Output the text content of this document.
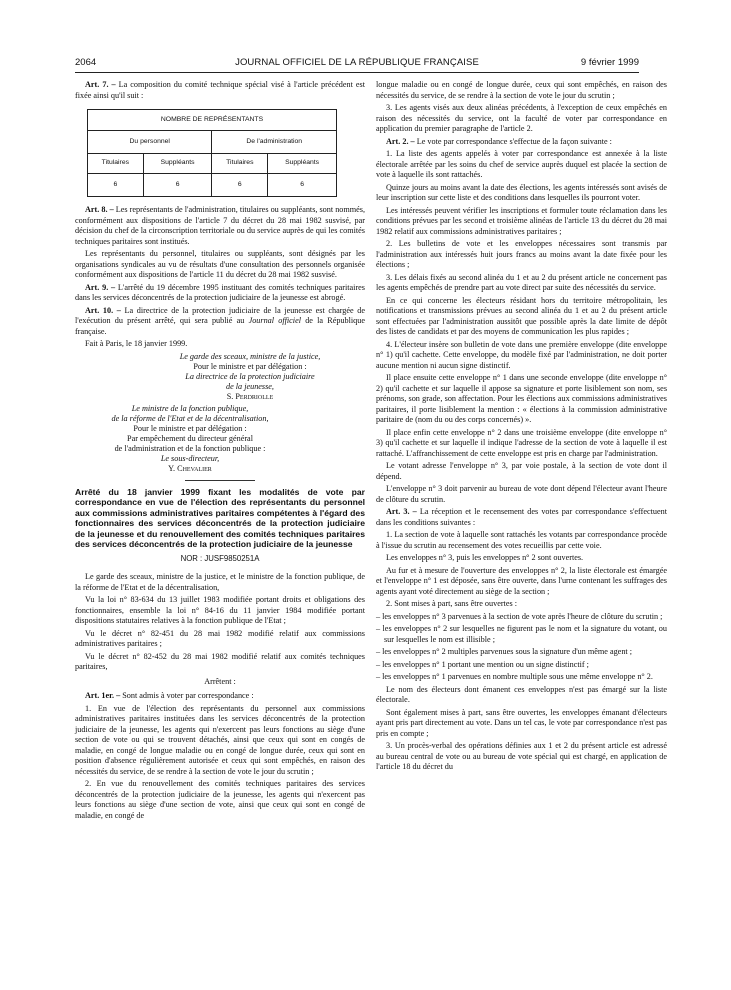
2064	JOURNAL OFFICIEL DE LA RÉPUBLIQUE FRANÇAISE	9 février 1999

Art. 7. – La composition du comité technique spécial visé à l'article précédent est fixée ainsi qu'il suit :

NOMBRE DE REPRÉSENTANTS			
Du personnel		De l'administration	
Titulaires	Suppléants	Titulaires	Suppléants
6	6	6	6

Art. 8. – Les représentants de l'administration, titulaires ou suppléants, sont nommés, conformément aux dispositions de l'article 7 du décret du 28 mai 1982 susvisé, par décision du chef de la circonscription territoriale ou du service auprès de qui les comités techniques paritaires sont institués.

Les représentants du personnel, titulaires ou suppléants, sont désignés par les organisations syndicales au vu de résultats d'une consultation des personnels organisée conformément aux dispositions de l'article 11 du décret du 28 mai 1982 susvisé.

Art. 9. – L'arrêté du 19 décembre 1995 instituant des comités techniques paritaires dans les services déconcentrés de la protection judiciaire de la jeunesse est abrogé.

Art. 10. – La directrice de la protection judiciaire de la jeunesse est chargée de l'exécution du présent arrêté, qui sera publié au Journal officiel de la République française.

Fait à Paris, le 18 janvier 1999.

Le garde des sceaux, ministre de la justice,
Pour le ministre et par délégation :
La directrice de la protection judiciaire
de la jeunesse,
S. Perdriolle
Le ministre de la fonction publique,
de la réforme de l'Etat et de la décentralisation,
Pour le ministre et par délégation :
Par empêchement du directeur général
de l'administration et de la fonction publique :
Le sous-directeur,
Y. Chevalier
Arrêté du 18 janvier 1999 fixant les modalités de vote par correspondance en vue de l'élection des représentants du personnel aux commissions administratives paritaires compétentes à l'égard des fonctionnaires des services déconcentrés de la protection judiciaire de la jeunesse et du renouvellement des comités techniques paritaires des services déconcentrés de la protection judiciaire de la jeunesse
NOR : JUSF9850251A

Le garde des sceaux, ministre de la justice, et le ministre de la fonction publique, de la réforme de l'Etat et de la décentralisation,

Vu la loi n° 83-634 du 13 juillet 1983 modifiée portant droits et obligations des fonctionnaires, ensemble la loi n° 84-16 du 11 janvier 1984 modifiée portant dispositions statutaires relatives à la fonction publique de l'Etat ;

Vu le décret n° 82-451 du 28 mai 1982 modifié relatif aux commissions administratives paritaires ;

Vu le décret n° 82-452 du 28 mai 1982 modifié relatif aux comités techniques paritaires,

Arrêtent :

Art. 1er. – Sont admis à voter par correspondance :

1. En vue de l'élection des représentants du personnel aux commissions administratives paritaires instituées dans les services déconcentrés de la protection judiciaire de la jeunesse, les agents qui n'exercent pas leurs fonctions au siège d'une section de vote ou qui se trouvent détachés, ainsi que ceux qui sont en congés de maladie, en congé de longue maladie ou en congé de longue durée, ceux qui sont en position d'absence régulièrement autorisée et ceux qui sont empêchés, en raison des nécessités du service, de se rendre à la section de vote le jour du scrutin ;

2. En vue du renouvellement des comités techniques paritaires des services déconcentrés de la protection judiciaire de la jeunesse, les agents qui n'exercent pas leurs fonctions au siège d'une section de vote, ainsi que ceux qui sont en congé de maladie, en congé de

longue maladie ou en congé de longue durée, ceux qui sont empêchés, en raison des nécessités du service, de se rendre à la section de vote le jour du scrutin ;

3. Les agents visés aux deux alinéas précédents, à l'exception de ceux empêchés en raison des nécessités du service, ont la faculté de voter par correspondance en application du premier paragraphe de l'article 2.

Art. 2. – Le vote par correspondance s'effectue de la façon suivante :

1. La liste des agents appelés à voter par correspondance est annexée à la liste électorale arrêtée par les soins du chef de service auprès duquel est placée la section de vote à laquelle ils sont rattachés.

Quinze jours au moins avant la date des élections, les agents intéressés sont avisés de leur inscription sur cette liste et des conditions dans lesquelles ils pourront voter.

Les intéressés peuvent vérifier les inscriptions et formuler toute réclamation dans les conditions prévues par les second et troisième alinéas de l'article 13 du décret du 28 mai 1982 relatif aux commissions administratives paritaires ;

2. Les bulletins de vote et les enveloppes nécessaires sont transmis par l'administration aux intéressés huit jours francs au moins avant la date fixée pour les élections ;

3. Les délais fixés au second alinéa du 1 et au 2 du présent article ne concernent pas les agents empêchés de prendre part au vote direct par suite des nécessités du service.

En ce qui concerne les électeurs résidant hors du territoire métropolitain, les notifications et transmissions prévues au second alinéa du 1 et au 2 du présent article sont effectuées par l'administration aussitôt que possible après la date limite de dépôt des listes de candidats et par des moyens de communication les plus rapides ;

4. L'électeur insère son bulletin de vote dans une première enveloppe (dite enveloppe n° 1) qu'il cachette. Cette enveloppe, du modèle fixé par l'administration, ne doit porter aucune mention ni aucun signe distinctif.

Il place ensuite cette enveloppe n° 1 dans une seconde enveloppe (dite enveloppe n° 2) qu'il cachette et sur laquelle il appose sa signature et porte lisiblement son nom, ses prénoms, son grade, son affectation. Pour les élections aux commissions administratives paritaires, il porte lisiblement la mention : « élections à la commission administrative paritaire de (nom du ou des corps concernés) ».

Il place enfin cette enveloppe n° 2 dans une troisième enveloppe (dite enveloppe n° 3) qu'il cachette et sur laquelle il indique l'adresse de la section de vote à laquelle il est rattaché. L'affranchissement de cette enveloppe est pris en charge par l'administration.

Le votant adresse l'enveloppe n° 3, par voie postale, à la section de vote dont il dépend.

L'enveloppe n° 3 doit parvenir au bureau de vote dont dépend l'électeur avant l'heure de clôture du scrutin.

Art. 3. – La réception et le recensement des votes par correspondance s'effectuent dans les conditions suivantes :

1. La section de vote à laquelle sont rattachés les votants par correspondance procède à l'issue du scrutin au recensement des votes recueillis par cette voie.

Les enveloppes n° 3, puis les enveloppes n° 2 sont ouvertes.

Au fur et à mesure de l'ouverture des enveloppes n° 2, la liste électorale est émargée et l'enveloppe n° 1 est déposée, sans être ouverte, dans l'urne contenant les suffrages des agents ayant voté directement au siège de la section ;

2. Sont mises à part, sans être ouvertes :

– les enveloppes n° 3 parvenues à la section de vote après l'heure de clôture du scrutin ;

– les enveloppes n° 2 sur lesquelles ne figurent pas le nom et la signature du votant, ou sur lesquelles le nom est illisible ;

– les enveloppes n° 2 multiples parvenues sous la signature d'un même agent ;

– les enveloppes n° 1 portant une mention ou un signe distinctif ;

– les enveloppes n° 1 parvenues en nombre multiple sous une même enveloppe n° 2.

Le nom des électeurs dont émanent ces enveloppes n'est pas émargé sur la liste électorale.

Sont également mises à part, sans être ouvertes, les enveloppes émanant d'électeurs ayant pris part directement au vote. Dans un tel cas, le vote par correspondance n'est pas pris en compte ;

3. Un procès-verbal des opérations définies aux 1 et 2 du présent article est adressé au bureau central de vote ou au bureau de vote spécial qui est chargé, en application de l'article 18 du décret du
